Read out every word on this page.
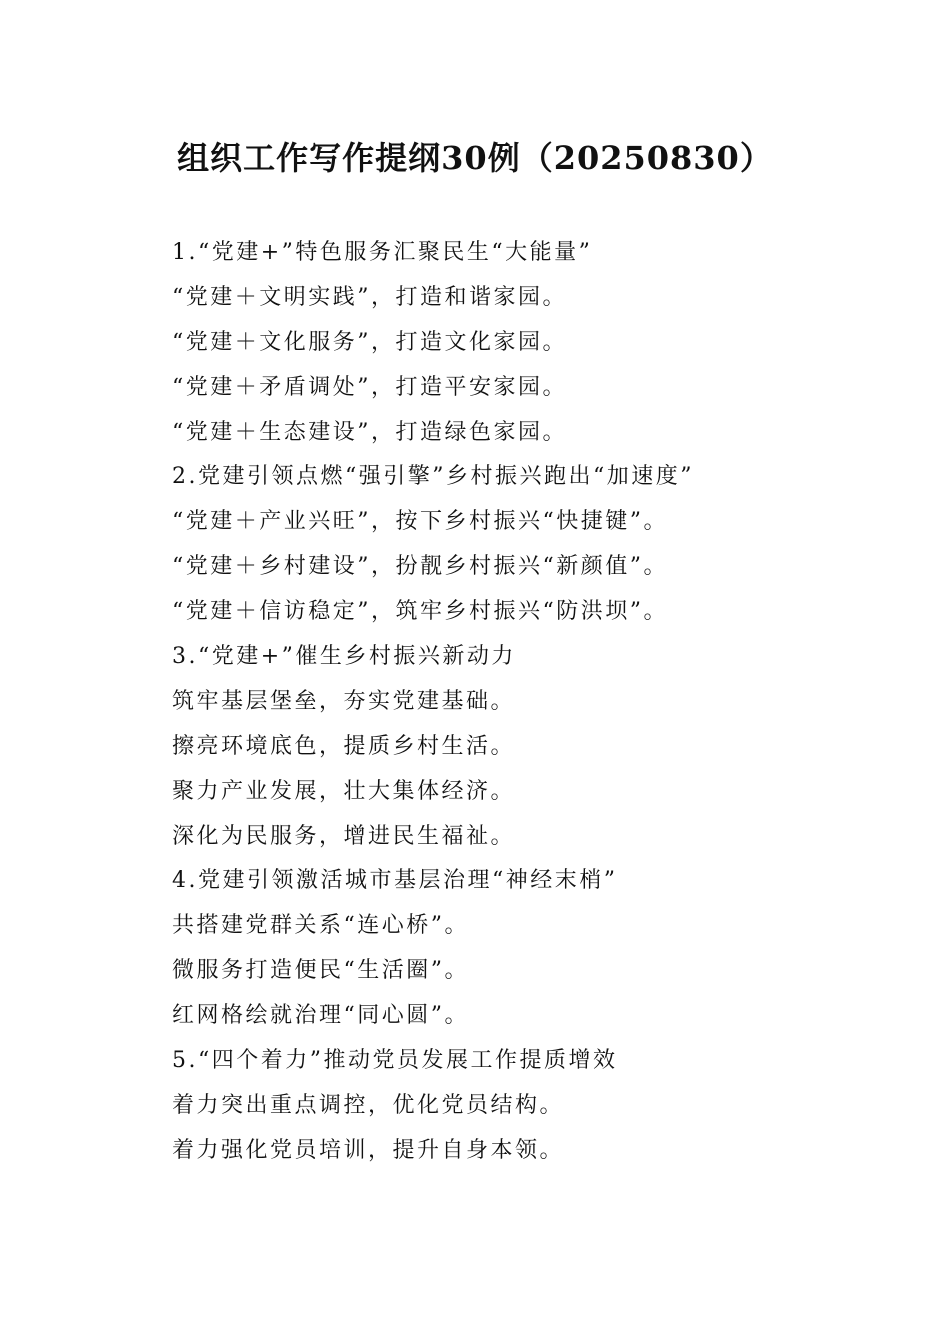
组织工作写作提纲30例（20250830）
1.“党建+”特色服务汇聚民生“大能量”
“党建＋文明实践”，打造和谐家园。
“党建＋文化服务”，打造文化家园。
“党建＋矛盾调处”，打造平安家园。
“党建＋生态建设”，打造绿色家园。
2.党建引领点燃“强引擎”乡村振兴跑出“加速度”
“党建＋产业兴旺”，按下乡村振兴“快捷键”。
“党建＋乡村建设”，扮靓乡村振兴“新颜值”。
“党建＋信访稳定”，筑牢乡村振兴“防洪坝”。
3.“党建+”催生乡村振兴新动力
筑牢基层堡垒，夯实党建基础。
擦亮环境底色，提质乡村生活。
聚力产业发展，壮大集体经济。
深化为民服务，增进民生福祉。
4.党建引领激活城市基层治理“神经末梢”
共搭建党群关系“连心桥”。
微服务打造便民“生活圈”。
红网格绘就治理“同心圆”。
5.“四个着力”推动党员发展工作提质增效
着力突出重点调控，优化党员结构。
着力强化党员培训，提升自身本领。
